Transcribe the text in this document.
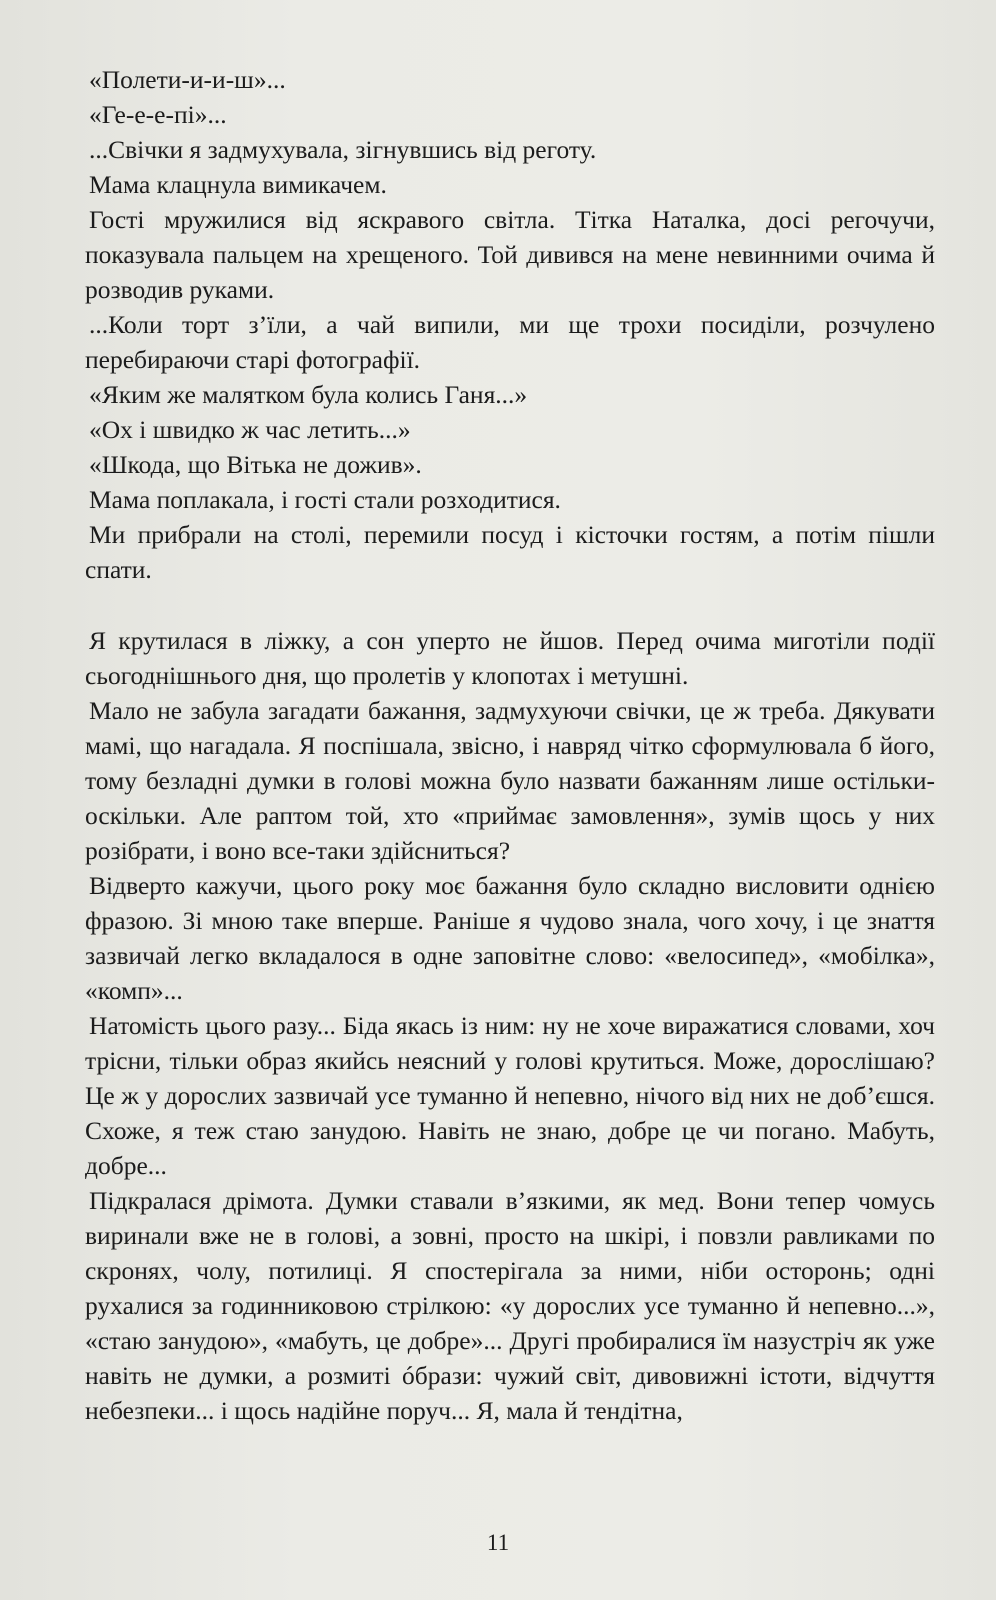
«Полети-и-и-ш»...

«Ге-е-е-пі»...

...Свічки я задмухувала, зігнувшись від реготу.

Мама клацнула вимикачем.

Гості мружилися від яскравого світла. Тітка Наталка, досі регочучи, показувала пальцем на хрещеного. Той дивився на мене невинними очима й розводив руками.

...Коли торт з’їли, а чай випили, ми ще трохи посиділи, розчулено перебираючи старі фотографії.

«Яким же малятком була колись Ганя...»

«Ох і швидко ж час летить...»

«Шкода, що Вітька не дожив».

Мама поплакала, і гості стали розходитися.

Ми прибрали на столі, перемили посуд і кісточки гостям, а потім пішли спати.

Я крутилася в ліжку, а сон уперто не йшов. Перед очима миготіли події сьогоднішнього дня, що пролетів у клопотах і метушні.

Мало не забула загадати бажання, задмухуючи свічки, це ж треба. Дякувати мамі, що нагадала. Я поспішала, звісно, і навряд чітко сформулювала б його, тому безладні думки в голові можна було назвати бажанням лише остільки-оскільки. Але раптом той, хто «приймає замовлення», зумів щось у них розібрати, і воно все-таки здійсниться?

Відверто кажучи, цього року моє бажання було складно висловити однією фразою. Зі мною таке вперше. Раніше я чудово знала, чого хочу, і це знаття зазвичай легко вкладалося в одне заповітне слово: «велосипед», «мобілка», «комп»...

Натомість цього разу... Біда якась із ним: ну не хоче виражатися словами, хоч трісни, тільки образ якийсь неясний у голові крутиться. Може, дорослішаю? Це ж у дорослих зазвичай усе туманно й непевно, нічого від них не доб’єшся. Схоже, я теж стаю занудою. Навіть не знаю, добре це чи погано. Мабуть, добре...

Підкралася дрімота. Думки ставали в’язкими, як мед. Вони тепер чомусь виринали вже не в голові, а зовні, просто на шкірі, і повзли равликами по скронях, чолу, потилиці. Я спостерігала за ними, ніби осторонь; одні рухалися за годинниковою стрілкою: «у дорослих усе туманно й непевно...», «стаю занудою», «мабуть, це добре»... Другі пробиралися їм назустріч як уже навіть не думки, а розмиті óбрази: чужий світ, дивовижні істоти, відчуття небезпеки... і щось надійне поруч... Я, мала й тендітна,

11
